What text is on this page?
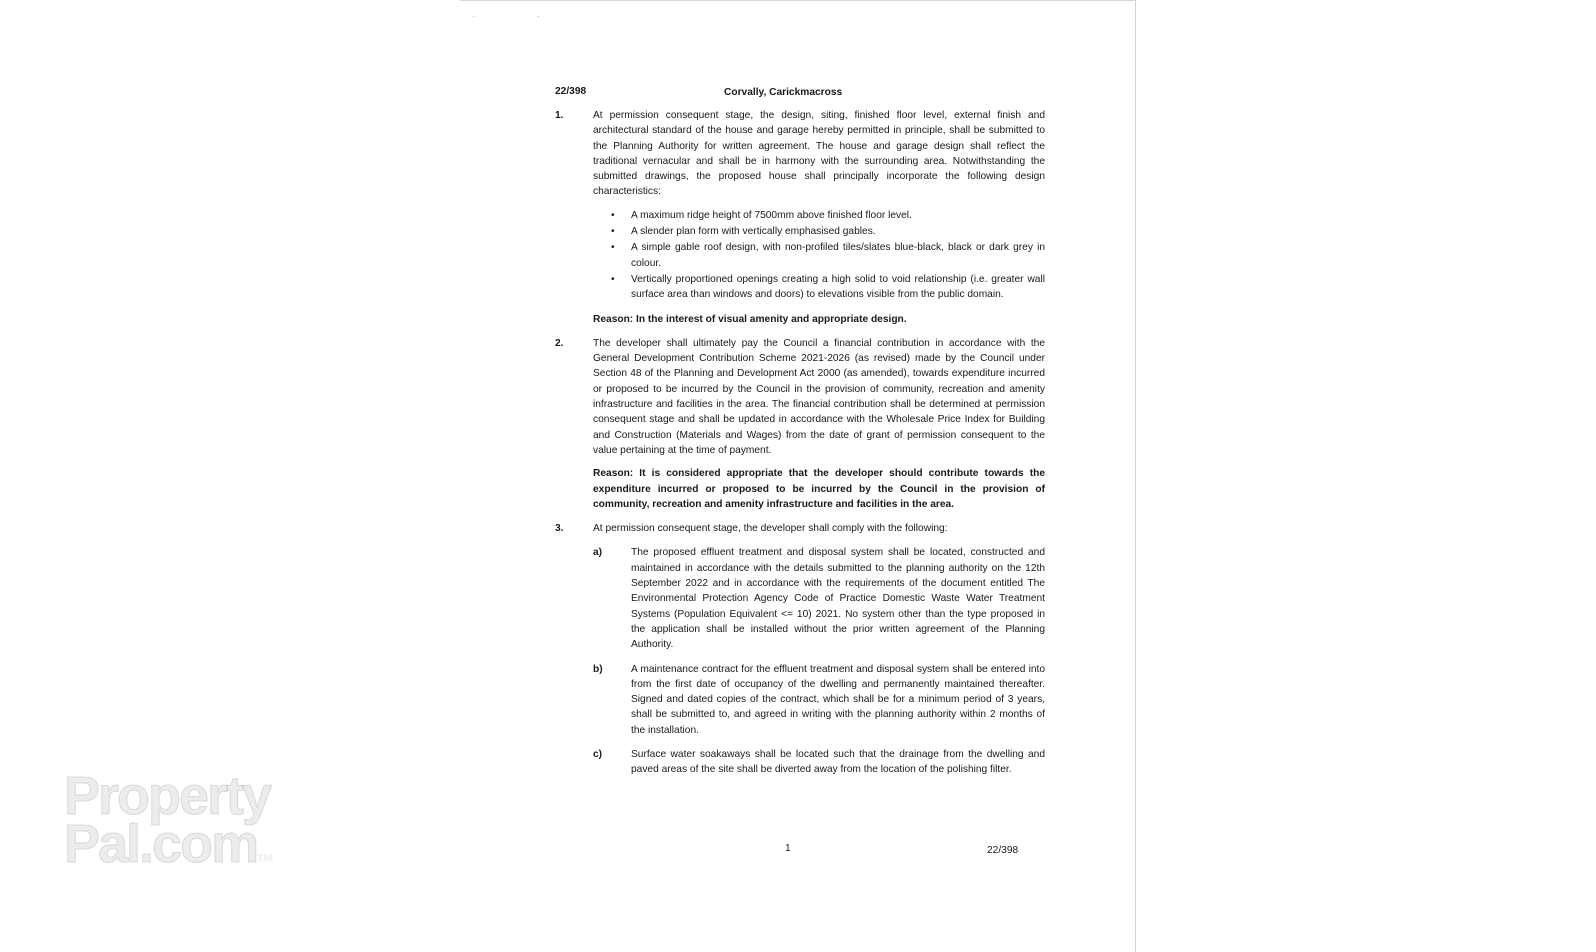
· ·
Property
Pal.comTM
22/398	Corvally, Carickmacross
1.	At permission consequent stage, the design, siting, finished floor level, external finish and architectural standard of the house and garage hereby permitted in principle, shall be submitted to the Planning Authority for written agreement. The house and garage design shall reflect the traditional vernacular and shall be in harmony with the surrounding area. Notwithstanding the submitted drawings, the proposed house shall principally incorporate the following design characteristics:

• A maximum ridge height of 7500mm above finished floor level.
• A slender plan form with vertically emphasised gables.
• A simple gable roof design, with non-profiled tiles/slates blue-black, black or dark grey in colour.
• Vertically proportioned openings creating a high solid to void relationship (i.e. greater wall surface area than windows and doors) to elevations visible from the public domain.

Reason: In the interest of visual amenity and appropriate design.

2.	The developer shall ultimately pay the Council a financial contribution in accordance with the General Development Contribution Scheme 2021-2026 (as revised) made by the Council under Section 48 of the Planning and Development Act 2000 (as amended), towards expenditure incurred or proposed to be incurred by the Council in the provision of community, recreation and amenity infrastructure and facilities in the area. The financial contribution shall be determined at permission consequent stage and shall be updated in accordance with the Wholesale Price Index for Building and Construction (Materials and Wages) from the date of grant of permission consequent to the value pertaining at the time of payment.

Reason: It is considered appropriate that the developer should contribute towards the expenditure incurred or proposed to be incurred by the Council in the provision of community, recreation and amenity infrastructure and facilities in the area.

3.	At permission consequent stage, the developer shall comply with the following:

a)	The proposed effluent treatment and disposal system shall be located, constructed and maintained in accordance with the details submitted to the planning authority on the 12th September 2022 and in accordance with the requirements of the document entitled The Environmental Protection Agency Code of Practice Domestic Waste Water Treatment Systems (Population Equivalent <= 10) 2021. No system other than the type proposed in the application shall be installed without the prior written agreement of the Planning Authority.

b)	A maintenance contract for the effluent treatment and disposal system shall be entered into from the first date of occupancy of the dwelling and permanently maintained thereafter. Signed and dated copies of the contract, which shall be for a minimum period of 3 years, shall be submitted to, and agreed in writing with the planning authority within 2 months of the installation.

c)	Surface water soakaways shall be located such that the drainage from the dwelling and paved areas of the site shall be diverted away from the location of the polishing filter.

1	22/398
